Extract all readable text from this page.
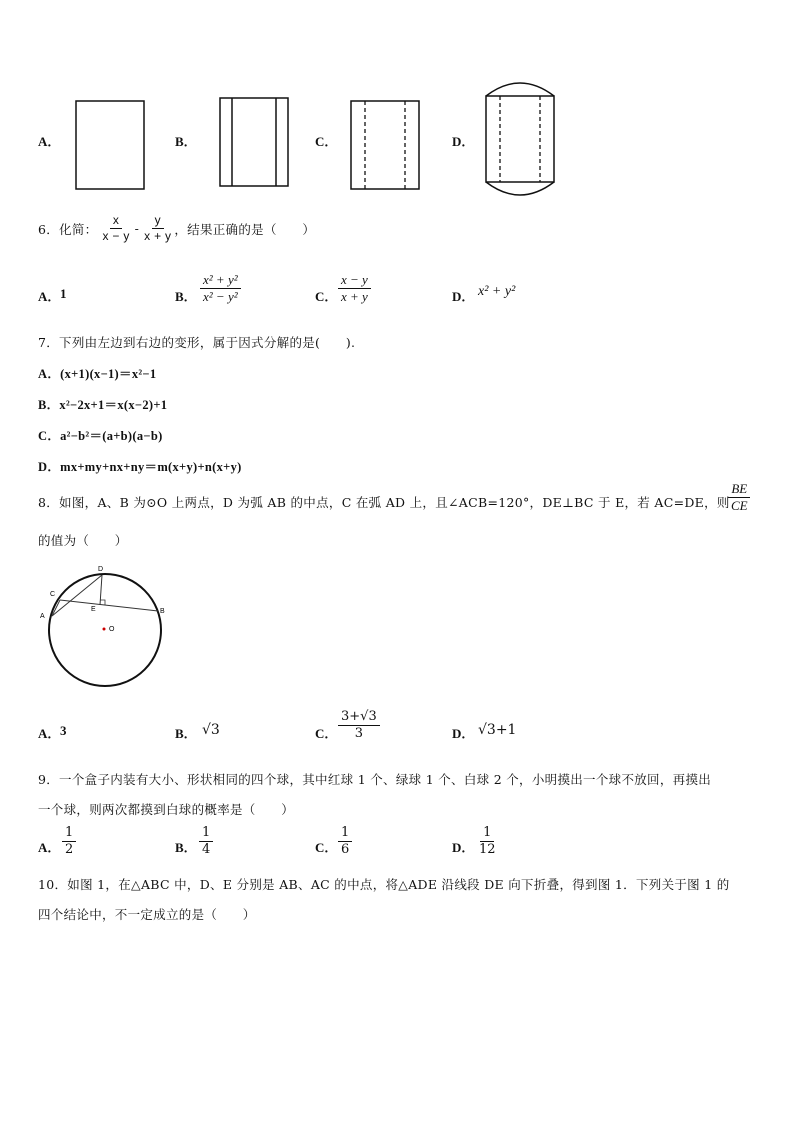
A．	B．	C．	D．
6．化简： $\frac{x}{x - y} - \frac{y}{x + y}$ ，结果正确的是（　　）
A． 1	B． $\frac{\text{x² + y²}}{\text{x² − y²}}$	C． $\frac{x - y}{x + y}$	D． x² + y²
7．下列由左边到右边的变形，属于因式分解的是(　　).
A．(x+1)(x−1)＝x²−1
B．x²−2x+1＝x(x−2)+1
C．a²−b²＝(a+b)(a−b)
D．mx+my+nx+ny＝m(x+y)+n(x+y)
8．如图，A、B 为⊙O 上两点，D 为弧 AB 的中点，C 在弧 AD 上，且∠ACB=120°，DE⊥BC 于 E，若 AC=DE，则
$\frac{BE}{CE}$
的值为（　　）
A
B
C
D
E
O
A． 3	B． √3	C． $\frac{3+√3}{3}$	D． √3+1
9．一个盒子内装有大小、形状相同的四个球，其中红球 1 个、绿球 1 个、白球 2 个，小明摸出一个球不放回，再摸出
一个球，则两次都摸到白球的概率是（　　）
A． $\frac{1}{2}$	B． $\frac{1}{4}$	C． $\frac{1}{6}$	D． $\frac{1}{12}$
10．如图 1，在△ABC 中，D、E 分别是 AB、AC 的中点，将△ADE 沿线段 DE 向下折叠，得到图 1．下列关于图 1 的
四个结论中，不一定成立的是（　　）
